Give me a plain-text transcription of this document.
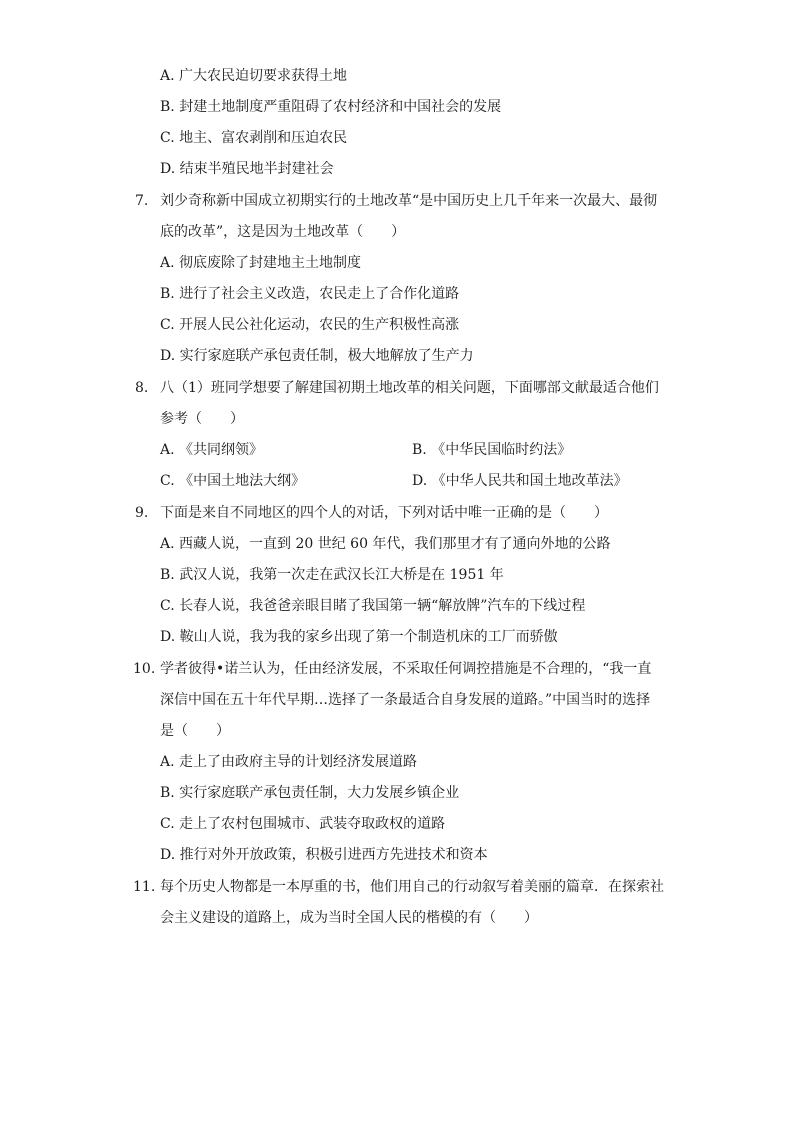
A. 广大农民迫切要求获得土地
B. 封建土地制度严重阻碍了农村经济和中国社会的发展
C. 地主、富农剥削和压迫农民
D. 结束半殖民地半封建社会
7. 刘少奇称新中国成立初期实行的土地改革“是中国历史上几千年来一次最大、最彻
底的改革”，这是因为土地改革（　　）
A. 彻底废除了封建地主土地制度
B. 进行了社会主义改造，农民走上了合作化道路
C. 开展人民公社化运动，农民的生产积极性高涨
D. 实行家庭联产承包责任制，极大地解放了生产力
8. 八（1）班同学想要了解建国初期土地改革的相关问题，下面哪部文献最适合他们
参考（　　）
A. 《共同纲领》	B. 《中华民国临时约法》
C. 《中国土地法大纲》	D. 《中华人民共和国土地改革法》
9. 下面是来自不同地区的四个人的对话，下列对话中唯一正确的是（　　）
A. 西藏人说，一直到 20 世纪 60 年代，我们那里才有了通向外地的公路
B. 武汉人说，我第一次走在武汉长江大桥是在 1951 年
C. 长春人说，我爸爸亲眼目睹了我国第一辆“解放牌”汽车的下线过程
D. 鞍山人说，我为我的家乡出现了第一个制造机床的工厂而骄傲
10. 学者彼得•诺兰认为，任由经济发展，不采取任何调控措施是不合理的，“我一直
深信中国在五十年代早期…选择了一条最适合自身发展的道路。”中国当时的选择
是（　　）
A. 走上了由政府主导的计划经济发展道路
B. 实行家庭联产承包责任制，大力发展乡镇企业
C. 走上了农村包围城市、武装夺取政权的道路
D. 推行对外开放政策，积极引进西方先进技术和资本
11. 每个历史人物都是一本厚重的书，他们用自己的行动叙写着美丽的篇章．在探索社
会主义建设的道路上，成为当时全国人民的楷模的有（　　）
